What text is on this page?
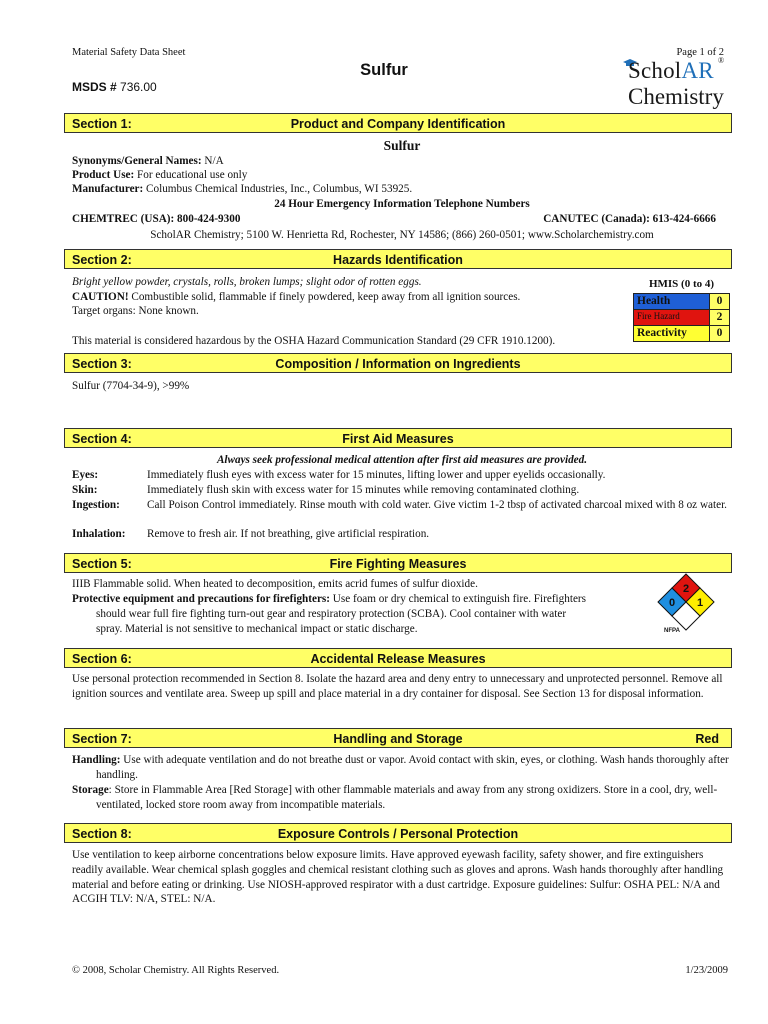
Material Safety Data Sheet	Page 1 of 2
Sulfur
MSDS # 736.00
ScholAR ®
Chemistry
Section 1:	Product and Company Identification
Sulfur
Synonyms/General Names: N/A
Product Use: For educational use only
Manufacturer: Columbus Chemical Industries, Inc., Columbus, WI 53925.
24 Hour Emergency Information Telephone Numbers
CHEMTREC (USA): 800-424-9300	CANUTEC (Canada): 613-424-6666
ScholAR Chemistry; 5100 W. Henrietta Rd, Rochester, NY 14586; (866) 260-0501; www.Scholarchemistry.com
Section 2:	Hazards Identification
Bright yellow powder, crystals, rolls, broken lumps; slight odor of rotten eggs.
CAUTION! Combustible solid, flammable if finely powdered, keep away from all ignition sources.
Target organs: None known.
This material is considered hazardous by the OSHA Hazard Communication Standard (29 CFR 1910.1200).
HMIS (0 to 4)
Health	0
Fire Hazard	2
Reactivity	0
Section 3:	Composition / Information on Ingredients
Sulfur (7704-34-9), >99%
Section 4:	First Aid Measures
Always seek professional medical attention after first aid measures are provided.
Eyes:	Immediately flush eyes with excess water for 15 minutes, lifting lower and upper eyelids occasionally.
Skin:	Immediately flush skin with excess water for 15 minutes while removing contaminated clothing.
Ingestion:	Call Poison Control immediately. Rinse mouth with cold water. Give victim 1-2 tbsp of activated charcoal mixed with 8 oz water.
Inhalation:	Remove to fresh air. If not breathing, give artificial respiration.
Section 5:	Fire Fighting Measures
IIIB Flammable solid. When heated to decomposition, emits acrid fumes of sulfur dioxide.
Protective equipment and precautions for firefighters: Use foam or dry chemical to extinguish fire. Firefighters should wear full fire fighting turn-out gear and respiratory protection (SCBA). Cool container with water spray. Material is not sensitive to mechanical impact or static discharge.
2
0 1
NFPA
Section 6:	Accidental Release Measures
Use personal protection recommended in Section 8. Isolate the hazard area and deny entry to unnecessary and unprotected personnel. Remove all ignition sources and ventilate area. Sweep up spill and place material in a dry container for disposal. See Section 13 for disposal information.
Section 7:	Handling and Storage	Red
Handling: Use with adequate ventilation and do not breathe dust or vapor. Avoid contact with skin, eyes, or clothing. Wash hands thoroughly after handling.
Storage: Store in Flammable Area [Red Storage] with other flammable materials and away from any strong oxidizers. Store in a cool, dry, well-ventilated, locked store room away from incompatible materials.
Section 8:	Exposure Controls / Personal Protection
Use ventilation to keep airborne concentrations below exposure limits. Have approved eyewash facility, safety shower, and fire extinguishers readily available. Wear chemical splash goggles and chemical resistant clothing such as gloves and aprons. Wash hands thoroughly after handling material and before eating or drinking. Use NIOSH-approved respirator with a dust cartridge. Exposure guidelines: Sulfur: OSHA PEL: N/A and ACGIH TLV: N/A, STEL: N/A.
© 2008, Scholar Chemistry. All Rights Reserved.	1/23/2009
